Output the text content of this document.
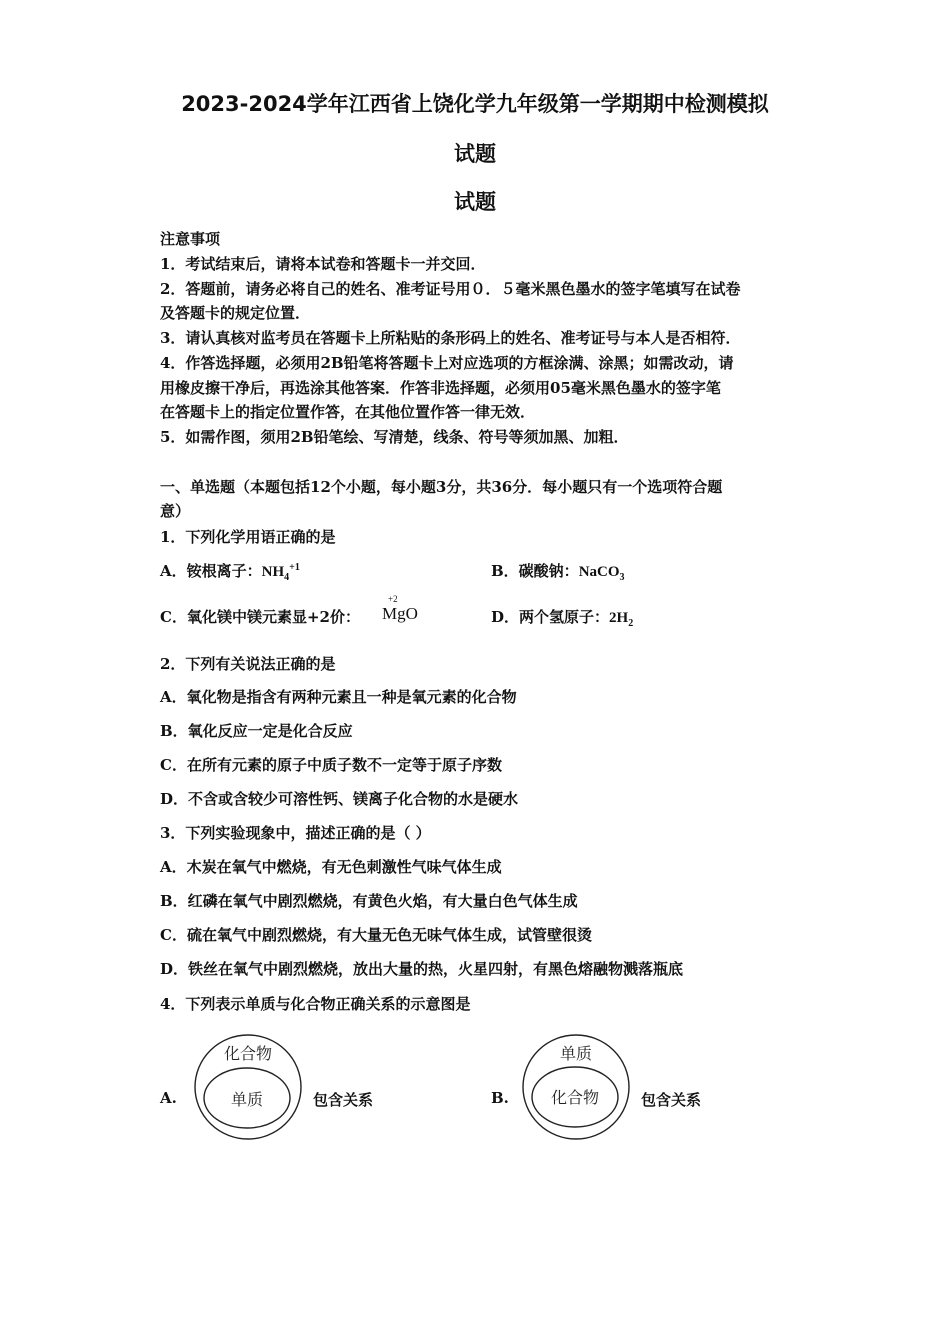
2023-2024学年江西省上饶化学九年级第一学期期中检测模拟
试题
试题
注意事项
1．考试结束后，请将本试卷和答题卡一并交回．
2．答题前，请务必将自己的姓名、准考证号用０．５毫米黑色墨水的签字笔填写在试卷
及答题卡的规定位置．
3．请认真核对监考员在答题卡上所粘贴的条形码上的姓名、准考证号与本人是否相符．
4．作答选择题，必须用2B铅笔将答题卡上对应选项的方框涂满、涂黑；如需改动，请
用橡皮擦干净后，再选涂其他答案．作答非选择题，必须用05毫米黑色墨水的签字笔
在答题卡上的指定位置作答，在其他位置作答一律无效．
5．如需作图，须用2B铅笔绘、写清楚，线条、符号等须加黑、加粗．
一、单选题（本题包括12个小题，每小题3分，共36分．每小题只有一个选项符合题
意）
1．下列化学用语正确的是
A．铵根离子：$NH_4^{+1}$	B．碳酸钠：NaCO$_3$
C．氧化镁中镁元素显+2价：
+2
MgO	D．两个氢原子：$2H_2$
2．下列有关说法正确的是
A．氧化物是指含有两种元素且一种是氧元素的化合物
B．氧化反应一定是化合反应
C．在所有元素的原子中质子数不一定等于原子序数
D．不含或含较少可溶性钙、镁离子化合物的水是硬水
3．下列实验现象中，描述正确的是（ ）
A．木炭在氧气中燃烧，有无色刺激性气味气体生成
B．红磷在氧气中剧烈燃烧，有黄色火焰，有大量白色气体生成
C．硫在氧气中剧烈燃烧，有大量无色无味气体生成，试管壁很烫
D．铁丝在氧气中剧烈燃烧，放出大量的热，火星四射，有黑色熔融物溅落瓶底
4．下列表示单质与化合物正确关系的示意图是
A.
化合物
单质	包含关系	B.
单质
化合物	包含关系
